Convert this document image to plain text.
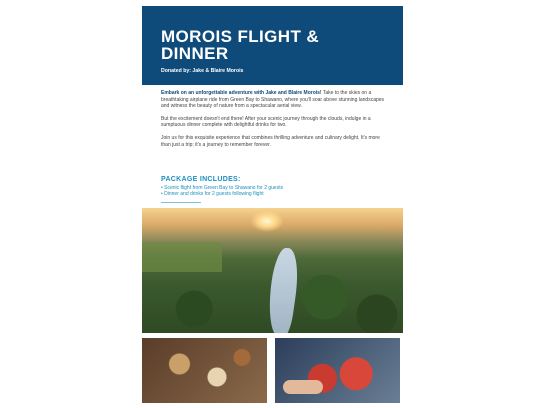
MOROIS FLIGHT & DINNER
Donated by: Jake & Blaire Morois

Embark on an unforgettable adventure with Jake and Blaire Morois! Take to the skies on a breathtaking airplane ride from Green Bay to Shawano, where you'll soar above stunning landscapes and witness the beauty of nature from a spectacular aerial view.

But the excitement doesn't end there! After your scenic journey through the clouds, indulge in a sumptuous dinner complete with delightful drinks for two.

Join us for this exquisite experience that combines thrilling adventure and culinary delight. It's more than just a trip; it's a journey to remember forever.

PACKAGE INCLUDES:
• Scenic flight from Green Bay to Shawano for 2 guests
• Dinner and drinks for 2 guests following flight
